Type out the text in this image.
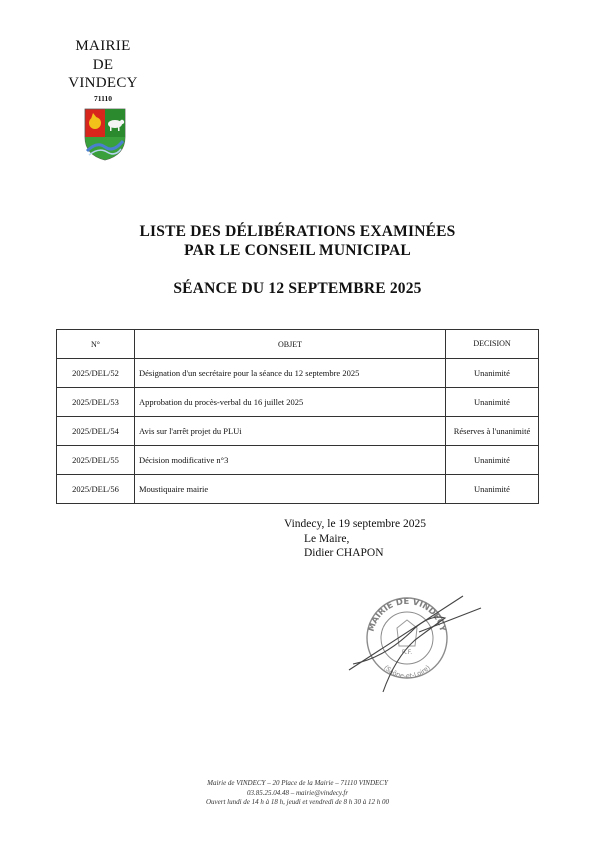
MAIRIE
DE
VINDECY
71110
LISTE DES DÉLIBÉRATIONS EXAMINÉES
PAR LE CONSEIL MUNICIPAL
SÉANCE DU 12 SEPTEMBRE 2025
N°	OBJET	DECISION
2025/DEL/52	Désignation d'un secrétaire pour la séance du 12 septembre 2025	Unanimité
2025/DEL/53	Approbation du procès-verbal du 16 juillet 2025	Unanimité
2025/DEL/54	Avis sur l'arrêt projet du PLUi	Réserves à l'unanimité
2025/DEL/55	Décision modificative n°3	Unanimité
2025/DEL/56	Moustiquaire mairie	Unanimité
Vindecy, le 19 septembre 2025
Le Maire,
Didier CHAPON
MAIRIE DE VINDECY
(Saône-et-Loire)
R.F.
Mairie de VINDECY – 20 Place de la Mairie – 71110 VINDECY
03.85.25.04.48 – mairie@vindecy.fr
Ouvert lundi de 14 h à 18 h, jeudi et vendredi de 8 h 30 à 12 h 00
